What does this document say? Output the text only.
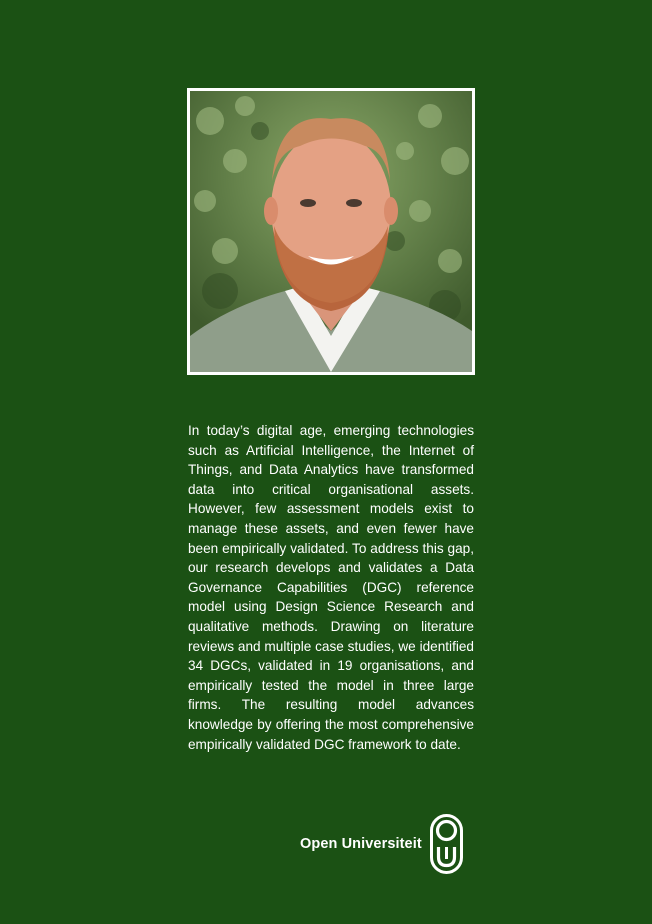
In today’s digital age, emerging technologies such as Artificial Intelligence, the Internet of Things, and Data Analytics have transformed data into critical organisational assets. However, few assessment models exist to manage these assets, and even fewer have been empirically validated. To address this gap, our research develops and validates a Data Governance Capabilities (DGC) reference model using Design Science Research and qualitative methods. Drawing on literature reviews and multiple case studies, we identified 34 DGCs, validated in 19 organisations, and empirically tested the model in three large firms. The resulting model advances knowledge by offering the most comprehensive empirically validated DGC framework to date.

Open Universiteit
